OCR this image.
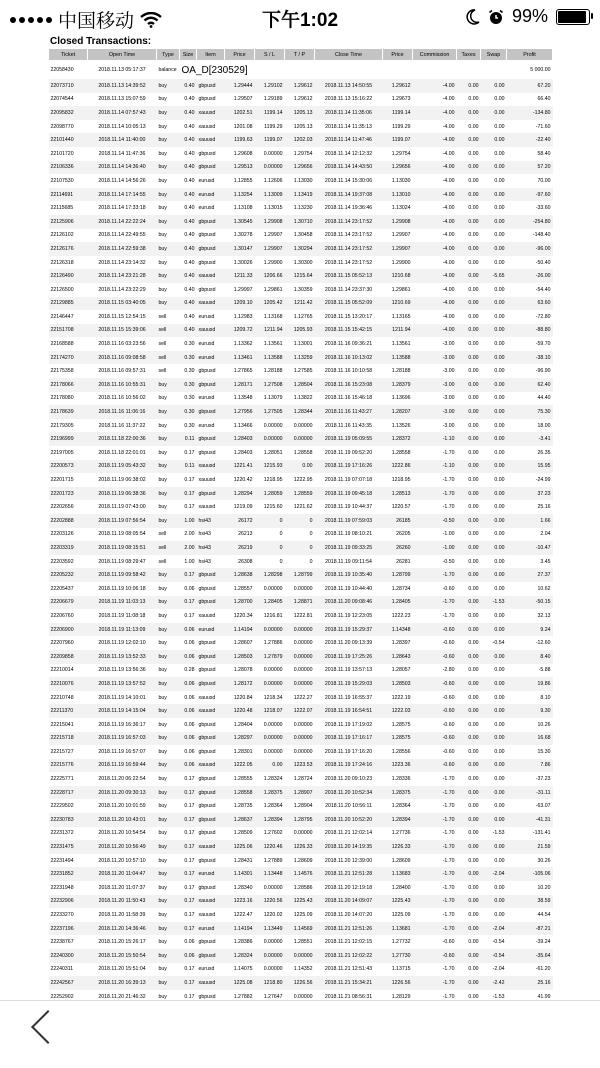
中国移动	下午1:02	99%
Closed Transactions:
Ticket	Open Time	Type	Size	Item	Price	S / L	T / P	Close Time	Price	Commission	Taxes	Swap	Profit
22058430	2018.11.13 05:17:37	balance	OA_D[230529]										5 000.00
22073710	2018.11.13 14:39:52	buy	0.40	gbpusd	1.29444	1.29102	1.29612	2018.11.13 14:50:55	1.29612	-4.00	0.00	0.00	67.20
22074544	2018.11.13 15:07:59	buy	0.40	gbpusd	1.29507	1.29189	1.29612	2018.11.13 15:16:22	1.29673	-4.00	0.00	0.00	66.40
22095832	2018.11.14 07:57:43	buy	0.40	xauusd	1202.51	1199.14	1205.13	2018.11.14 11:35:06	1199.14	-4.00	0.00	0.00	-134.80
22098770	2018.11.14 10:05:13	buy	0.40	xauusd	1201.08	1199.29	1205.13	2018.11.14 11:35:13	1199.29	-4.00	0.00	0.00	-71.60
22101440	2018.11.14 11:40:00	buy	0.40	xauusd	1199.63	1199.07	1202.03	2018.11.14 11:47:46	1199.07	-4.00	0.00	0.00	-22.40
22101720	2018.11.14 11:47:36	buy	0.40	gbpusd	1.29608	0.00000	1.29754	2018.11.14 12:12:32	1.29754	-4.00	0.00	0.00	58.40
22106336	2018.11.14 14:36:40	buy	0.40	gbpusd	1.29513	0.00000	1.29656	2018.11.14 14:43:50	1.29656	-4.00	0.00	0.00	57.20
22107530	2018.11.14 14:56:26	buy	0.40	eurusd	1.12855	1.12606	1.13030	2018.11.14 15:30:06	1.13030	-4.00	0.00	0.00	70.00
22114691	2018.11.14 17:14:55	buy	0.40	eurusd	1.13254	1.13009	1.13419	2018.11.14 19:37:08	1.13010	-4.00	0.00	0.00	-97.60
22115685	2018.11.14 17:33:18	buy	0.40	eurusd	1.13108	1.13015	1.13230	2018.11.14 19:36:46	1.13024	-4.00	0.00	0.00	-33.60
22125906	2018.11.14 22:22:24	buy	0.40	gbpusd	1.30545	1.29908	1.30710	2018.11.14 23:17:52	1.29908	-4.00	0.00	0.00	-254.80
22126102	2018.11.14 22:49:55	buy	0.40	gbpusd	1.30278	1.29907	1.30458	2018.11.14 23:17:52	1.29907	-4.00	0.00	0.00	-148.40
22126176	2018.11.14 22:59:38	buy	0.40	gbpusd	1.30147	1.29907	1.30294	2018.11.14 23:17:52	1.29907	-4.00	0.00	0.00	-96.00
22126318	2018.11.14 23:14:32	buy	0.40	gbpusd	1.30026	1.29900	1.30300	2018.11.14 23:17:52	1.29900	-4.00	0.00	0.00	-50.40
22126490	2018.11.14 23:21:28	buy	0.40	xauusd	1211.33	1206.66	1215.64	2018.11.15 05:52:13	1210.68	-4.00	0.00	-5.65	-26.00
22126500	2018.11.14 23:22:29	buy	0.40	gbpusd	1.29997	1.29861	1.30359	2018.11.14 23:37:30	1.29861	-4.00	0.00	0.00	-54.40
22129885	2018.11.15 03:40:05	buy	0.40	xauusd	1209.10	1205.42	1211.42	2018.11.15 05:52:09	1210.69	-4.00	0.00	0.00	63.60
22146447	2018.11.15 12:54:15	sell	0.40	eurusd	1.12983	1.13168	1.12765	2018.11.15 13:20:17	1.13165	-4.00	0.00	0.00	-72.80
22151708	2018.11.15 15:39:06	sell	0.40	xauusd	1209.72	1211.94	1205.93	2018.11.15 15:42:15	1211.94	-4.00	0.00	0.00	-88.80
22168588	2018.11.16 03:23:56	sell	0.30	eurusd	1.13362	1.13561	1.13001	2018.11.16 09:36:21	1.13561	-3.00	0.00	0.00	-59.70
22174270	2018.11.16 09:08:58	sell	0.30	eurusd	1.13461	1.13588	1.13259	2018.11.16 10:13:02	1.13588	-3.00	0.00	0.00	-38.10
22175358	2018.11.16 09:57:31	sell	0.30	gbpusd	1.27865	1.28188	1.27585	2018.11.16 10:10:58	1.28188	-3.00	0.00	0.00	-96.90
22178066	2018.11.16 10:55:31	buy	0.30	gbpusd	1.28171	1.27508	1.28504	2018.11.16 15:23:08	1.28379	-3.00	0.00	0.00	62.40
22178080	2018.11.16 10:56:02	buy	0.30	eurusd	1.13548	1.13079	1.13822	2018.11.16 15:46:18	1.13696	-3.00	0.00	0.00	44.40
22178639	2018.11.16 11:06:16	buy	0.30	gbpusd	1.27956	1.27505	1.28344	2018.11.16 11:43:27	1.28207	-3.00	0.00	0.00	75.30
22179305	2018.11.16 11:37:22	buy	0.30	eurusd	1.13466	0.00000	0.00000	2018.11.16 11:43:35	1.13526	-3.00	0.00	0.00	18.00
22196999	2018.11.18 22:00:36	buy	0.11	gbpusd	1.28403	0.00000	0.00000	2018.11.19 05:09:55	1.28372	-1.10	0.00	0.00	-3.41
22197005	2018.11.18 22:01:01	buy	0.17	gbpusd	1.28403	1.28051	1.28558	2018.11.19 09:52:20	1.28558	-1.70	0.00	0.00	26.35
22200573	2018.11.19 05:43:32	buy	0.11	xauusd	1221.41	1215.93	0.00	2018.11.19 17:16:26	1222.86	-1.10	0.00	0.00	15.95
22201715	2018.11.19 06:38:02	buy	0.17	xauusd	1220.42	1218.95	1222.95	2018.11.19 07:07:18	1218.95	-1.70	0.00	0.00	-24.99
22201723	2018.11.19 06:38:36	buy	0.17	gbpusd	1.28294	1.28059	1.28559	2018.11.19 09:45:18	1.28513	-1.70	0.00	0.00	37.23
22202656	2018.11.19 07:43:00	buy	0.17	xauusd	1219.09	1215.60	1221.62	2018.11.19 10:44:37	1220.57	-1.70	0.00	0.00	25.16
22202888	2018.11.19 07:56:54	buy	1.00	hsi43	26172	0	0	2018.11.19 07:59:03	26185	-0.50	0.00	0.00	1.66
22203126	2018.11.19 08:05:54	sell	2.00	hsi43	26213	0	0	2018.11.19 08:10:21	26205	-1.00	0.00	0.00	2.04
22203319	2018.11.19 08:15:51	sell	2.00	hsi43	26219	0	0	2018.11.19 09:33:25	26260	-1.00	0.00	0.00	-10.47
22203592	2018.11.19 08:29:47	sell	1.00	hsi43	26308	0	0	2018.11.19 09:11:54	26281	-0.50	0.00	0.00	3.45
22205232	2018.11.19 09:58:42	buy	0.17	gbpusd	1.28638	1.28298	1.28799	2018.11.19 10:35:40	1.28799	-1.70	0.00	0.00	27.37
22205437	2018.11.19 10:06:18	buy	0.06	gbpusd	1.28557	0.00000	0.00000	2018.11.19 10:44:40	1.28734	-0.60	0.00	0.00	10.62
22206679	2018.11.19 11:03:13	buy	0.17	gbpusd	1.28700	1.28405	1.28871	2018.11.20 09:08:46	1.28405	-1.70	0.00	-1.53	-50.15
22206760	2018.11.19 11:08:18	buy	0.17	xauusd	1220.34	1216.81	1222.81	2018.11.19 12:23:05	1222.23	-1.70	0.00	0.00	32.13
22206900	2018.11.19 11:13:09	buy	0.06	eurusd	1.14194	0.00000	0.00000	2018.11.19 15:29:37	1.14348	-0.60	0.00	0.00	9.24
22207960	2018.11.19 12:02:10	buy	0.06	gbpusd	1.28607	1.27886	0.00000	2018.11.20 09:13:39	1.28397	-0.60	0.00	-0.54	-12.60
22209858	2018.11.19 13:52:33	buy	0.06	gbpusd	1.28503	1.27879	0.00000	2018.11.19 17:25:26	1.28643	-0.60	0.00	0.00	8.40
22210014	2018.11.19 13:56:36	buy	0.28	gbpusd	1.28078	0.00000	0.00000	2018.11.19 13:57:13	1.28057	-2.80	0.00	0.00	-5.88
22210076	2018.11.19 13:57:52	buy	0.06	gbpusd	1.28172	0.00000	0.00000	2018.11.19 15:29:03	1.28503	-0.60	0.00	0.00	19.86
22210748	2018.11.19 14:10:01	buy	0.06	xauusd	1220.84	1218.34	1222.27	2018.11.19 16:55:37	1222.19	-0.60	0.00	0.00	8.10
22211370	2018.11.19 14:15:04	buy	0.06	xauusd	1220.48	1218.07	1222.07	2018.11.19 16:54:51	1222.03	-0.60	0.00	0.00	9.30
22215041	2018.11.19 16:36:17	buy	0.06	gbpusd	1.28404	0.00000	0.00000	2018.11.19 17:19:02	1.28575	-0.60	0.00	0.00	10.26
22215718	2018.11.19 16:57:03	buy	0.06	gbpusd	1.28297	0.00000	0.00000	2018.11.19 17:16:17	1.28575	-0.60	0.00	0.00	16.68
22215727	2018.11.19 16:57:07	buy	0.06	gbpusd	1.28301	0.00000	0.00000	2018.11.19 17:16:20	1.28556	-0.60	0.00	0.00	15.30
22215776	2018.11.19 16:59:44	buy	0.06	xauusd	1222.05	0.00	1223.53	2018.11.19 17:24:16	1223.36	-0.60	0.00	0.00	7.86
22225771	2018.11.20 06:22:54	buy	0.17	gbpusd	1.28555	1.28324	1.28724	2018.11.20 09:10:23	1.28336	-1.70	0.00	0.00	-37.23
22228717	2018.11.20 09:30:13	buy	0.17	gbpusd	1.28558	1.28375	1.28907	2018.11.20 10:52:34	1.28375	-1.70	0.00	0.00	-31.11
22229502	2018.11.20 10:01:59	buy	0.17	gbpusd	1.28735	1.28364	1.28904	2018.11.20 10:56:11	1.28364	-1.70	0.00	0.00	-63.07
22230783	2018.11.20 10:43:01	buy	0.17	gbpusd	1.28637	1.28394	1.28795	2018.11.20 10:52:20	1.28394	-1.70	0.00	0.00	-41.31
22231372	2018.11.20 10:54:54	buy	0.17	gbpusd	1.28509	1.27602	0.00000	2018.11.21 12:02:14	1.27736	-1.70	0.00	-1.53	-131.41
22231475	2018.11.20 10:56:49	buy	0.17	xauusd	1225.06	1220.46	1226.33	2018.11.20 14:19:35	1226.33	-1.70	0.00	0.00	21.59
22231494	2018.11.20 10:57:10	buy	0.17	gbpusd	1.28431	1.27889	1.28609	2018.11.20 12:39:00	1.28609	-1.70	0.00	0.00	30.26
22231852	2018.11.20 11:04:47	buy	0.17	eurusd	1.14301	1.13448	1.14576	2018.11.21 12:51:28	1.13683	-1.70	0.00	-2.04	-105.06
22231948	2018.11.20 11:07:37	buy	0.17	gbpusd	1.28340	0.00000	1.28586	2018.11.20 12:19:18	1.28400	-1.70	0.00	0.00	10.20
22232906	2018.11.20 11:50:43	buy	0.17	xauusd	1223.16	1220.56	1225.43	2018.11.20 14:09:07	1225.43	-1.70	0.00	0.00	38.59
22233270	2018.11.20 11:58:39	buy	0.17	xauusd	1222.47	1220.02	1225.09	2018.11.20 14:07:20	1225.09	-1.70	0.00	0.00	44.54
22237196	2018.11.20 14:36:46	buy	0.17	eurusd	1.14194	1.13449	1.14569	2018.11.21 12:51:26	1.13681	-1.70	0.00	-2.04	-87.21
22238767	2018.11.20 15:26:17	buy	0.06	gbpusd	1.28386	0.00000	1.28551	2018.11.21 12:02:15	1.27732	-0.60	0.00	-0.54	-39.24
22240300	2018.11.20 15:50:54	buy	0.06	gbpusd	1.28324	0.00000	0.00000	2018.11.21 12:02:22	1.27730	-0.60	0.00	-0.54	-35.64
22240311	2018.11.20 15:51:04	buy	0.17	eurusd	1.14075	0.00000	1.14352	2018.11.21 12:51:43	1.13715	-1.70	0.00	-2.04	-61.20
22242567	2018.11.20 16:39:13	buy	0.17	xauusd	1225.08	1218.80	1226.56	2018.11.21 15:34:21	1226.56	-1.70	0.00	-2.42	25.16
22252902	2018.11.20 21:46:32	buy	0.17	gbpusd	1.27882	1.27647	0.00000	2018.11.21 08:56:31	1.28129	-1.70	0.00	-1.53	41.99
